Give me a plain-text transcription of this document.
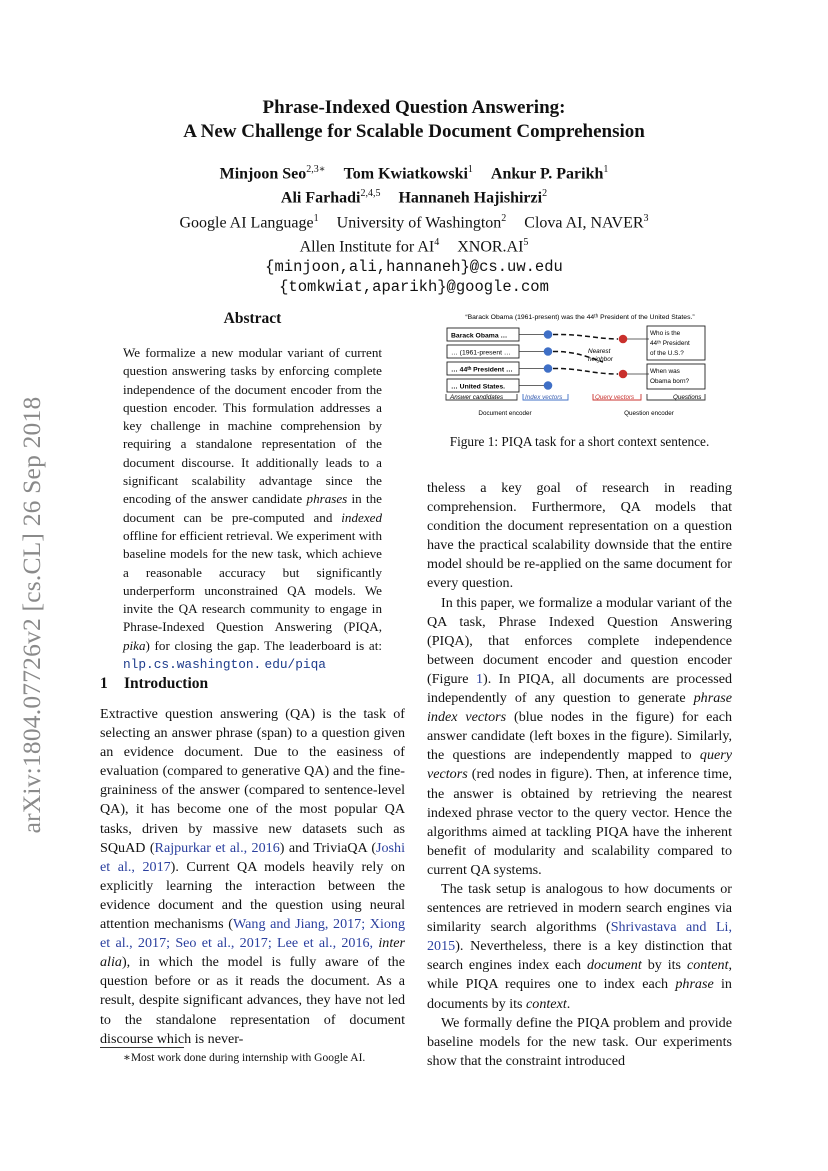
arXiv:1804.07726v2 [cs.CL] 26 Sep 2018
Phrase-Indexed Question Answering:
A New Challenge for Scalable Document Comprehension
Minjoon Seo$^{2,3∗}$ Tom Kwiatkowski$^1$ Ankur P. Parikh$^1$
Ali Farhadi$^{2,4,5}$ Hannaneh Hajishirzi$^2$
Google AI Language$^1$ University of Washington$^2$ Clova AI, NAVER$^3$
Allen Institute for $AI^4$ $XNOR.AI^5$
{minjoon,ali,hannaneh}@cs.uw.edu
{tomkwiat,aparikh}@google.com
Abstract
We formalize a new modular variant of current question answering tasks by enforcing complete independence of the document encoder from the question encoder. This formulation addresses a key challenge in machine comprehension by requiring a standalone representation of the document discourse. It additionally leads to a significant scalability advantage since the encoding of the answer candidate phrases in the document can be pre-computed and indexed offline for efficient retrieval. We experiment with baseline models for the new task, which achieve a reasonable accuracy but significantly underperform unconstrained QA models. We invite the QA research community to engage in Phrase-Indexed Question Answering (PIQA, pika) for closing the gap. The leaderboard is at: nlp.cs.washington. edu/piqa
1 Introduction

Extractive question answering (QA) is the task of selecting an answer phrase (span) to a question given an evidence document. Due to the easiness of evaluation (compared to generative QA) and the fine-graininess of the answer (compared to sentence-level QA), it has become one of the most popular QA tasks, driven by massive new datasets such as SQuAD (Rajpurkar et al., 2016) and TriviaQA (Joshi et al., 2017). Current QA models heavily rely on explicitly learning the interaction between the evidence document and the question using neural attention mechanisms (Wang and Jiang, 2017; Xiong et al., 2017; Seo et al., 2017; Lee et al., 2016, inter alia), in which the model is fully aware of the question before or as it reads the document. As a result, despite significant advances, they have not led to the standalone representation of document discourse which is never-

∗Most work done during internship with Google AI.
“Barack Obama (1961-present) was the 44ᵗʰ President of the United States.”
Barack Obama …
… (1961-present …
… 44ᵗʰ President …
… United States.
Nearest
neighbor
Who is the
44ᵗʰ President
of the U.S.?
When was
Obama born?
Answer candidates	Index vectors	Query vectors	Questions
Document encoder	Question encoder
Figure 1: PIQA task for a short context sentence.

theless a key goal of research in reading comprehension. Furthermore, QA models that condition the document representation on a question have the practical scalability downside that the entire model should be re-applied on the same document for every question.

In this paper, we formalize a modular variant of the QA task, Phrase Indexed Question Answering (PIQA), that enforces complete independence between document encoder and question encoder (Figure 1). In PIQA, all documents are processed independently of any question to generate phrase index vectors (blue nodes in the figure) for each answer candidate (left boxes in the figure). Similarly, the questions are independently mapped to query vectors (red nodes in figure). Then, at inference time, the answer is obtained by retrieving the nearest indexed phrase vector to the query vector. Hence the algorithms aimed at tackling PIQA have the inherent benefit of modularity and scalability compared to current QA systems.

The task setup is analogous to how documents or sentences are retrieved in modern search engines via similarity search algorithms (Shrivastava and Li, 2015). Nevertheless, there is a key distinction that search engines index each document by its content, while PIQA requires one to index each phrase in documents by its context.

We formally define the PIQA problem and provide baseline models for the new task. Our experiments show that the constraint introduced
